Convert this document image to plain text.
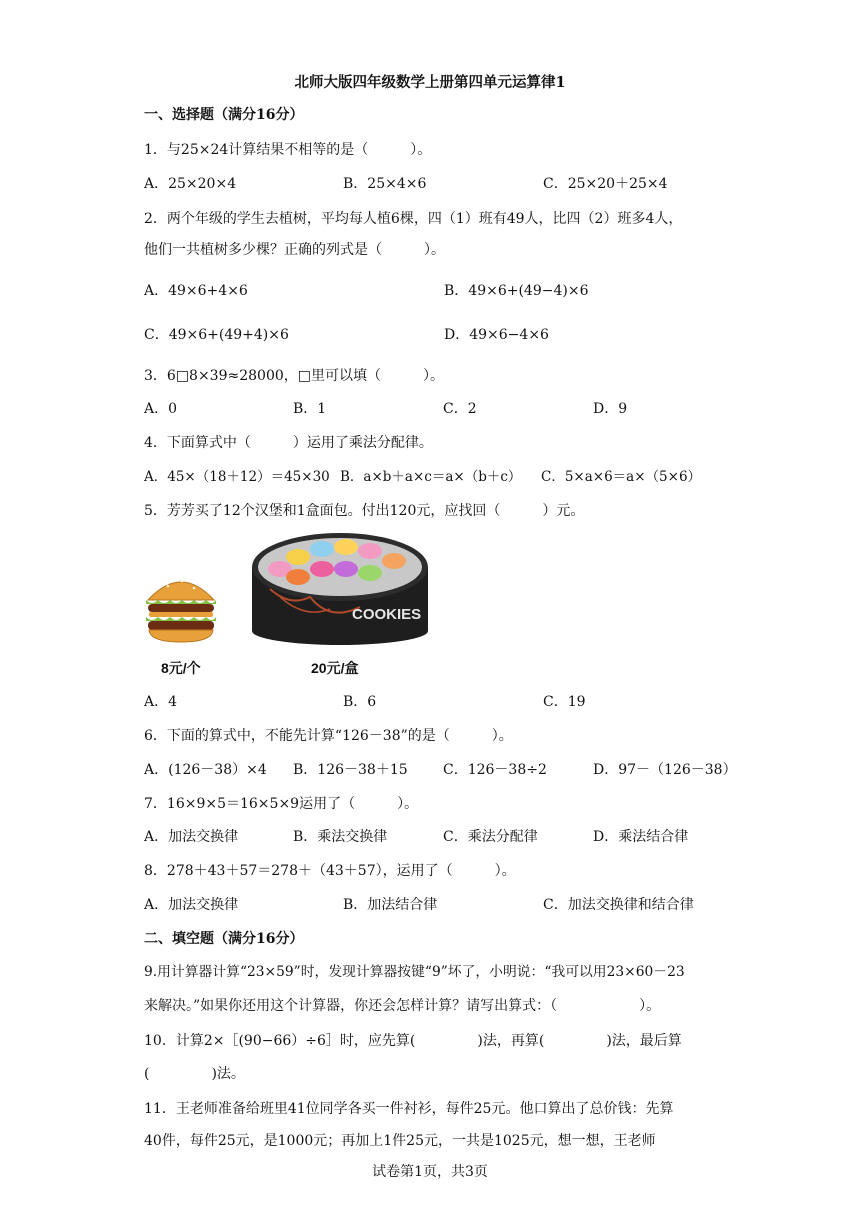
北师大版四年级数学上册第四单元运算律1
一、选择题（满分16分）
1．与25×24计算结果不相等的是（	）。
A．25×20×4	B．25×4×6	C．25×20＋25×4
2．两个年级的学生去植树，平均每人植6棵，四（1）班有49人，比四（2）班多4人，
他们一共植树多少棵？正确的列式是（	）。
A．49×6+4×6	B．49×6+(49−4)×6
C．49×6+(49+4)×6	D．49×6−4×6
3．6□8×39≈28000，□里可以填（	）。
A．0	B．1	C．2	D．9
4．下面算式中（	）运用了乘法分配律。
A．45×（18＋12）＝45×30 B．a×b＋a×c＝a×（b＋c） C．5×a×6＝a×（5×6）
5．芳芳买了12个汉堡和1盒面包。付出120元，应找回（	）元。
COOKIES
8元/个	20元/盒
A．4	B．6	C．19
6．下面的算式中，不能先计算“126－38”的是（	）。
A．(126－38）×4 B．126－38＋15	C．126－38÷2	D．97－（126－38）
7．16×9×5＝16×5×9运用了（	）。
A．加法交换律	B．乘法交换律	C．乘法分配律	D．乘法结合律
8．278＋43＋57＝278＋（43＋57），运用了（	）。
A．加法交换律	B．加法结合律	C．加法交换律和结合律
二、填空题（满分16分）
9.用计算器计算“23×59”时，发现计算器按键“9”坏了，小明说：“我可以用23×60－23
来解决。”如果你还用这个计算器，你还会怎样计算？请写出算式：（	）。
10．计算2×［(90−66）÷6］时，应先算(	)法，再算(	)法，最后算
(	)法。
11．王老师准备给班里41位同学各买一件衬衫，每件25元。他口算出了总价钱：先算
40件，每件25元，是1000元；再加上1件25元，一共是1025元，想一想，王老师
试卷第1页，共3页
